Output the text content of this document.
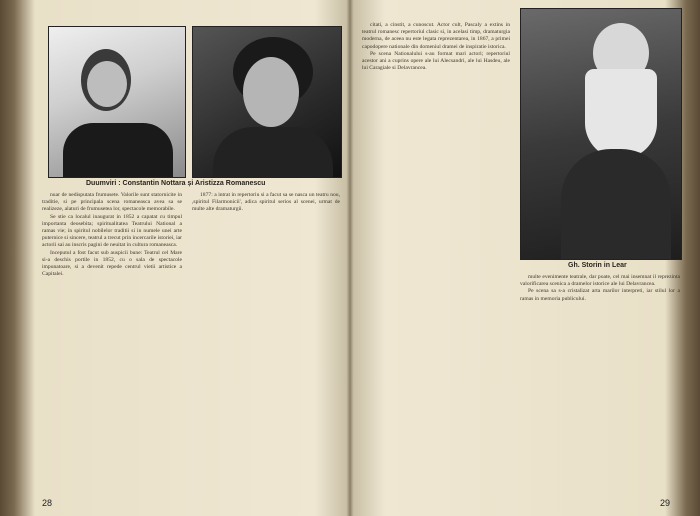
Duumviri : Constantin Nottara și Aristizza Romanescu

nuar de nedisputata frumusete. Valorile sunt statornicite in traditie, si pe principala scena romaneasca avea sa se realizeze, alaturi de frumusetea lor, spectacole memorabile.

Se stie ca localul inaugurat in 1852 a capatat cu timpul importanta deosebita; spiritualitatea Teatrului National a ramas vie; in spiritul nobilelor traditii si in numele unei arte puternice si sincere, teatrul a trecut prin incercarile istoriei, iar actorii sai au inscris pagini de neuitat in cultura romaneasca.

Inceputul a fost facut sub auspicii bune: Teatrul cel Mare si-a deschis portile in 1852, cu o sala de spectacole impunatoare, si a devenit repede centrul vietii artistice a Capitalei.

1877: a intrat in repertoriu si a facut sa se nasca un teatru nou, ,spiritul Filarmonicii', adica spiritul serios al scenei, urmat de multe alte dramaturgii.

28

citati, a cinstit, a cunoscut. Actor cult, Pascaly a extins in teatrul romanesc repertoriul clasic si, in acelasi timp, dramaturgia moderna, de aceea nu este legata reprezentarea, in 1867, a primei capodopere nationale din domeniul dramei de inspiratie istorica.

Pe scena Nationalului s-au format mari actori; repertoriul acestor ani a cuprins opere ale lui Alecsandri, ale lui Hasdeu, ale lui Caragiale si Delavrancea.

Gh. Storin in Lear

multe evenimente teatrale, dar poate, cel mai insemnat il reprezinta valorificarea scenica a dramelor istorice ale lui Delavrancea.

Pe scena sa s-a cristalizat arta marilor interpreti, iar stilul lor a ramas in memoria publicului.

29
